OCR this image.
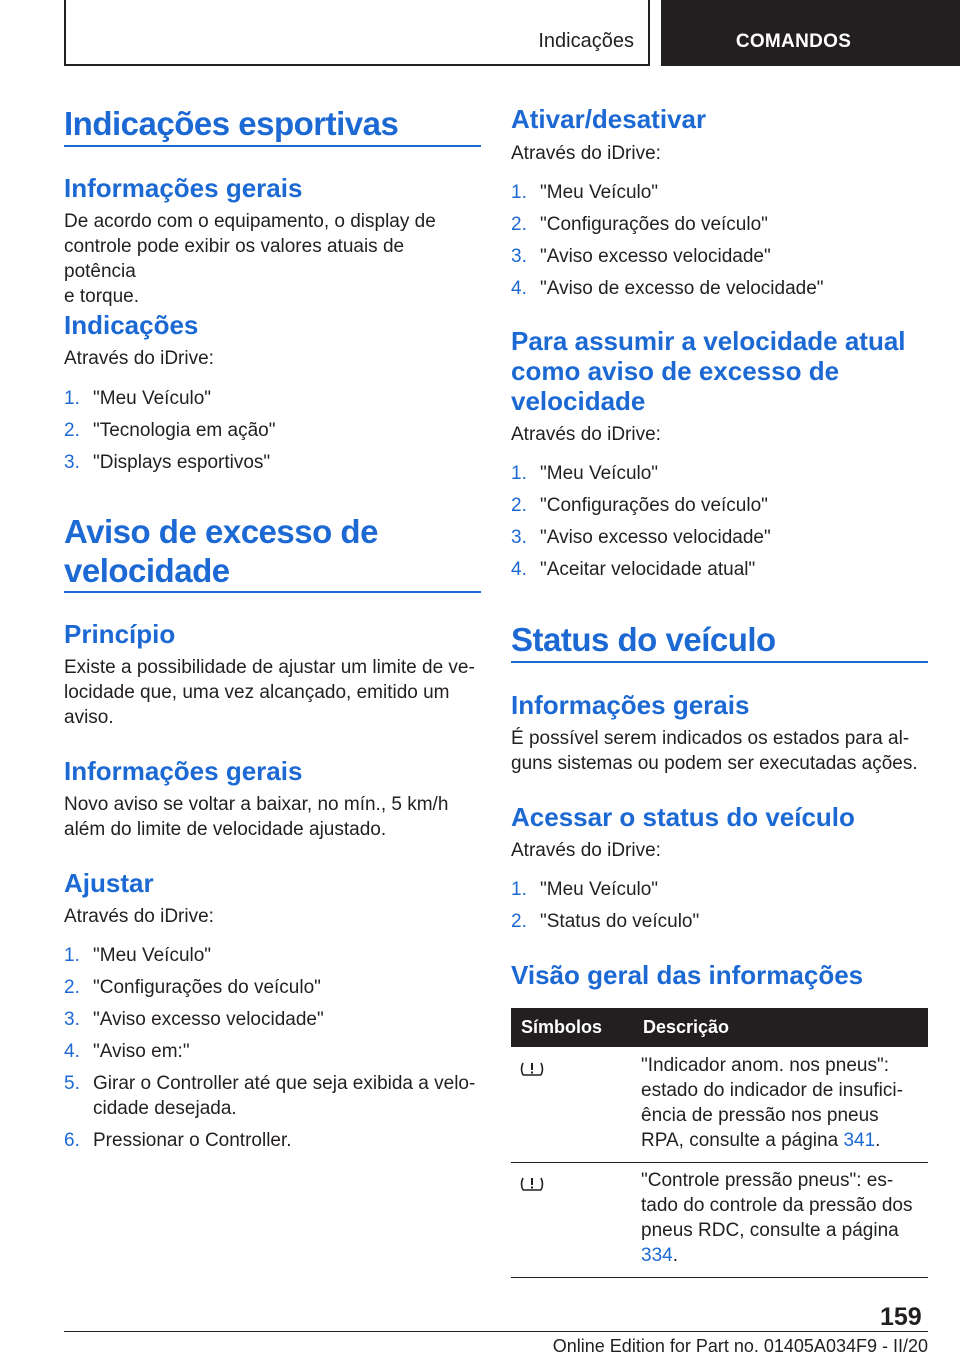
Indicações	COMANDOS
Indicações esportivas
Informações gerais
De acordo com o equipamento, o display de
controle pode exibir os valores atuais de potência
e torque.
Indicações
Através do iDrive:
1. "Meu Veículo"
2. "Tecnologia em ação"
3. "Displays esportivos"
Aviso de excesso de
velocidade
Princípio
Existe a possibilidade de ajustar um limite de ve-
locidade que, uma vez alcançado, emitido um
aviso.
Informações gerais
Novo aviso se voltar a baixar, no mín., 5 km/h
além do limite de velocidade ajustado.
Ajustar
Através do iDrive:
1. "Meu Veículo"
2. "Configurações do veículo"
3. "Aviso excesso velocidade"
4. "Aviso em:"
5. Girar o Controller até que seja exibida a velo-
cidade desejada.
6. Pressionar o Controller.
Ativar/desativar
Através do iDrive:
1. "Meu Veículo"
2. "Configurações do veículo"
3. "Aviso excesso velocidade"
4. "Aviso de excesso de velocidade"
Para assumir a velocidade atual
como aviso de excesso de
velocidade
Através do iDrive:
1. "Meu Veículo"
2. "Configurações do veículo"
3. "Aviso excesso velocidade"
4. "Aceitar velocidade atual"
Status do veículo
Informações gerais
É possível serem indicados os estados para al-
guns sistemas ou podem ser executadas ações.
Acessar o status do veículo
Através do iDrive:
1. "Meu Veículo"
2. "Status do veículo"
Visão geral das informações
Símbolos Descrição
"Indicador anom. nos pneus":
estado do indicador de insufici-
ência de pressão nos pneus
RPA, consulte a página 341.
"Controle pressão pneus": es-
tado do controle da pressão dos
pneus RDC, consulte a página
334.
159
Online Edition for Part no. 01405A034F9 - II/20
